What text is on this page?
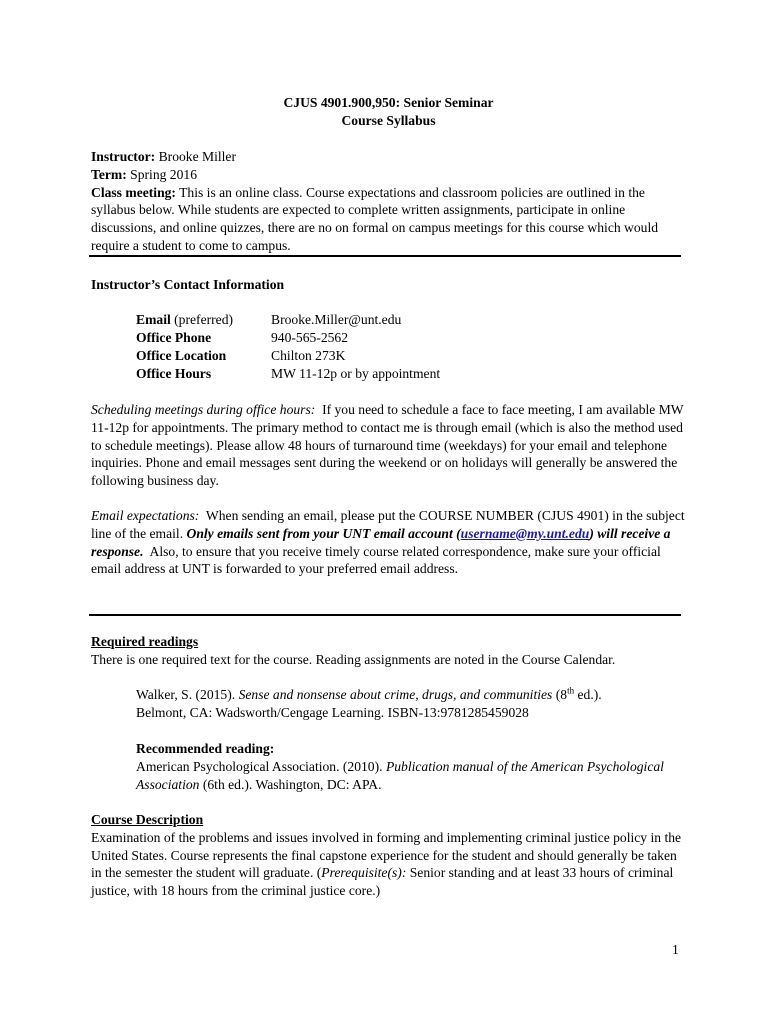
CJUS 4901.900,950: Senior Seminar
Course Syllabus
Instructor: Brooke Miller
Term: Spring 2016
Class meeting: This is an online class. Course expectations and classroom policies are outlined in the syllabus below. While students are expected to complete written assignments, participate in online discussions, and online quizzes, there are no on formal on campus meetings for this course which would require a student to come to campus.
Instructor’s Contact Information
Email (preferred)	Brooke.Miller@unt.edu
Office Phone	940-565-2562
Office Location	Chilton 273K
Office Hours	MW 11-12p or by appointment
Scheduling meetings during office hours: If you need to schedule a face to face meeting, I am available MW 11-12p for appointments. The primary method to contact me is through email (which is also the method used to schedule meetings). Please allow 48 hours of turnaround time (weekdays) for your email and telephone inquiries. Phone and email messages sent during the weekend or on holidays will generally be answered the following business day.
Email expectations: When sending an email, please put the COURSE NUMBER (CJUS 4901) in the subject line of the email. Only emails sent from your UNT email account (username@my.unt.edu) will receive a response. Also, to ensure that you receive timely course related correspondence, make sure your official email address at UNT is forwarded to your preferred email address.
Required readings
There is one required text for the course. Reading assignments are noted in the Course Calendar.
Walker, S. (2015). Sense and nonsense about crime, drugs, and communities (8th ed.).
Belmont, CA: Wadsworth/Cengage Learning. ISBN-13:9781285459028
Recommended reading:
American Psychological Association. (2010). Publication manual of the American Psychological Association (6th ed.). Washington, DC: APA.
Course Description
Examination of the problems and issues involved in forming and implementing criminal justice policy in the United States. Course represents the final capstone experience for the student and should generally be taken in the semester the student will graduate. (Prerequisite(s): Senior standing and at least 33 hours of criminal justice, with 18 hours from the criminal justice core.)
1
